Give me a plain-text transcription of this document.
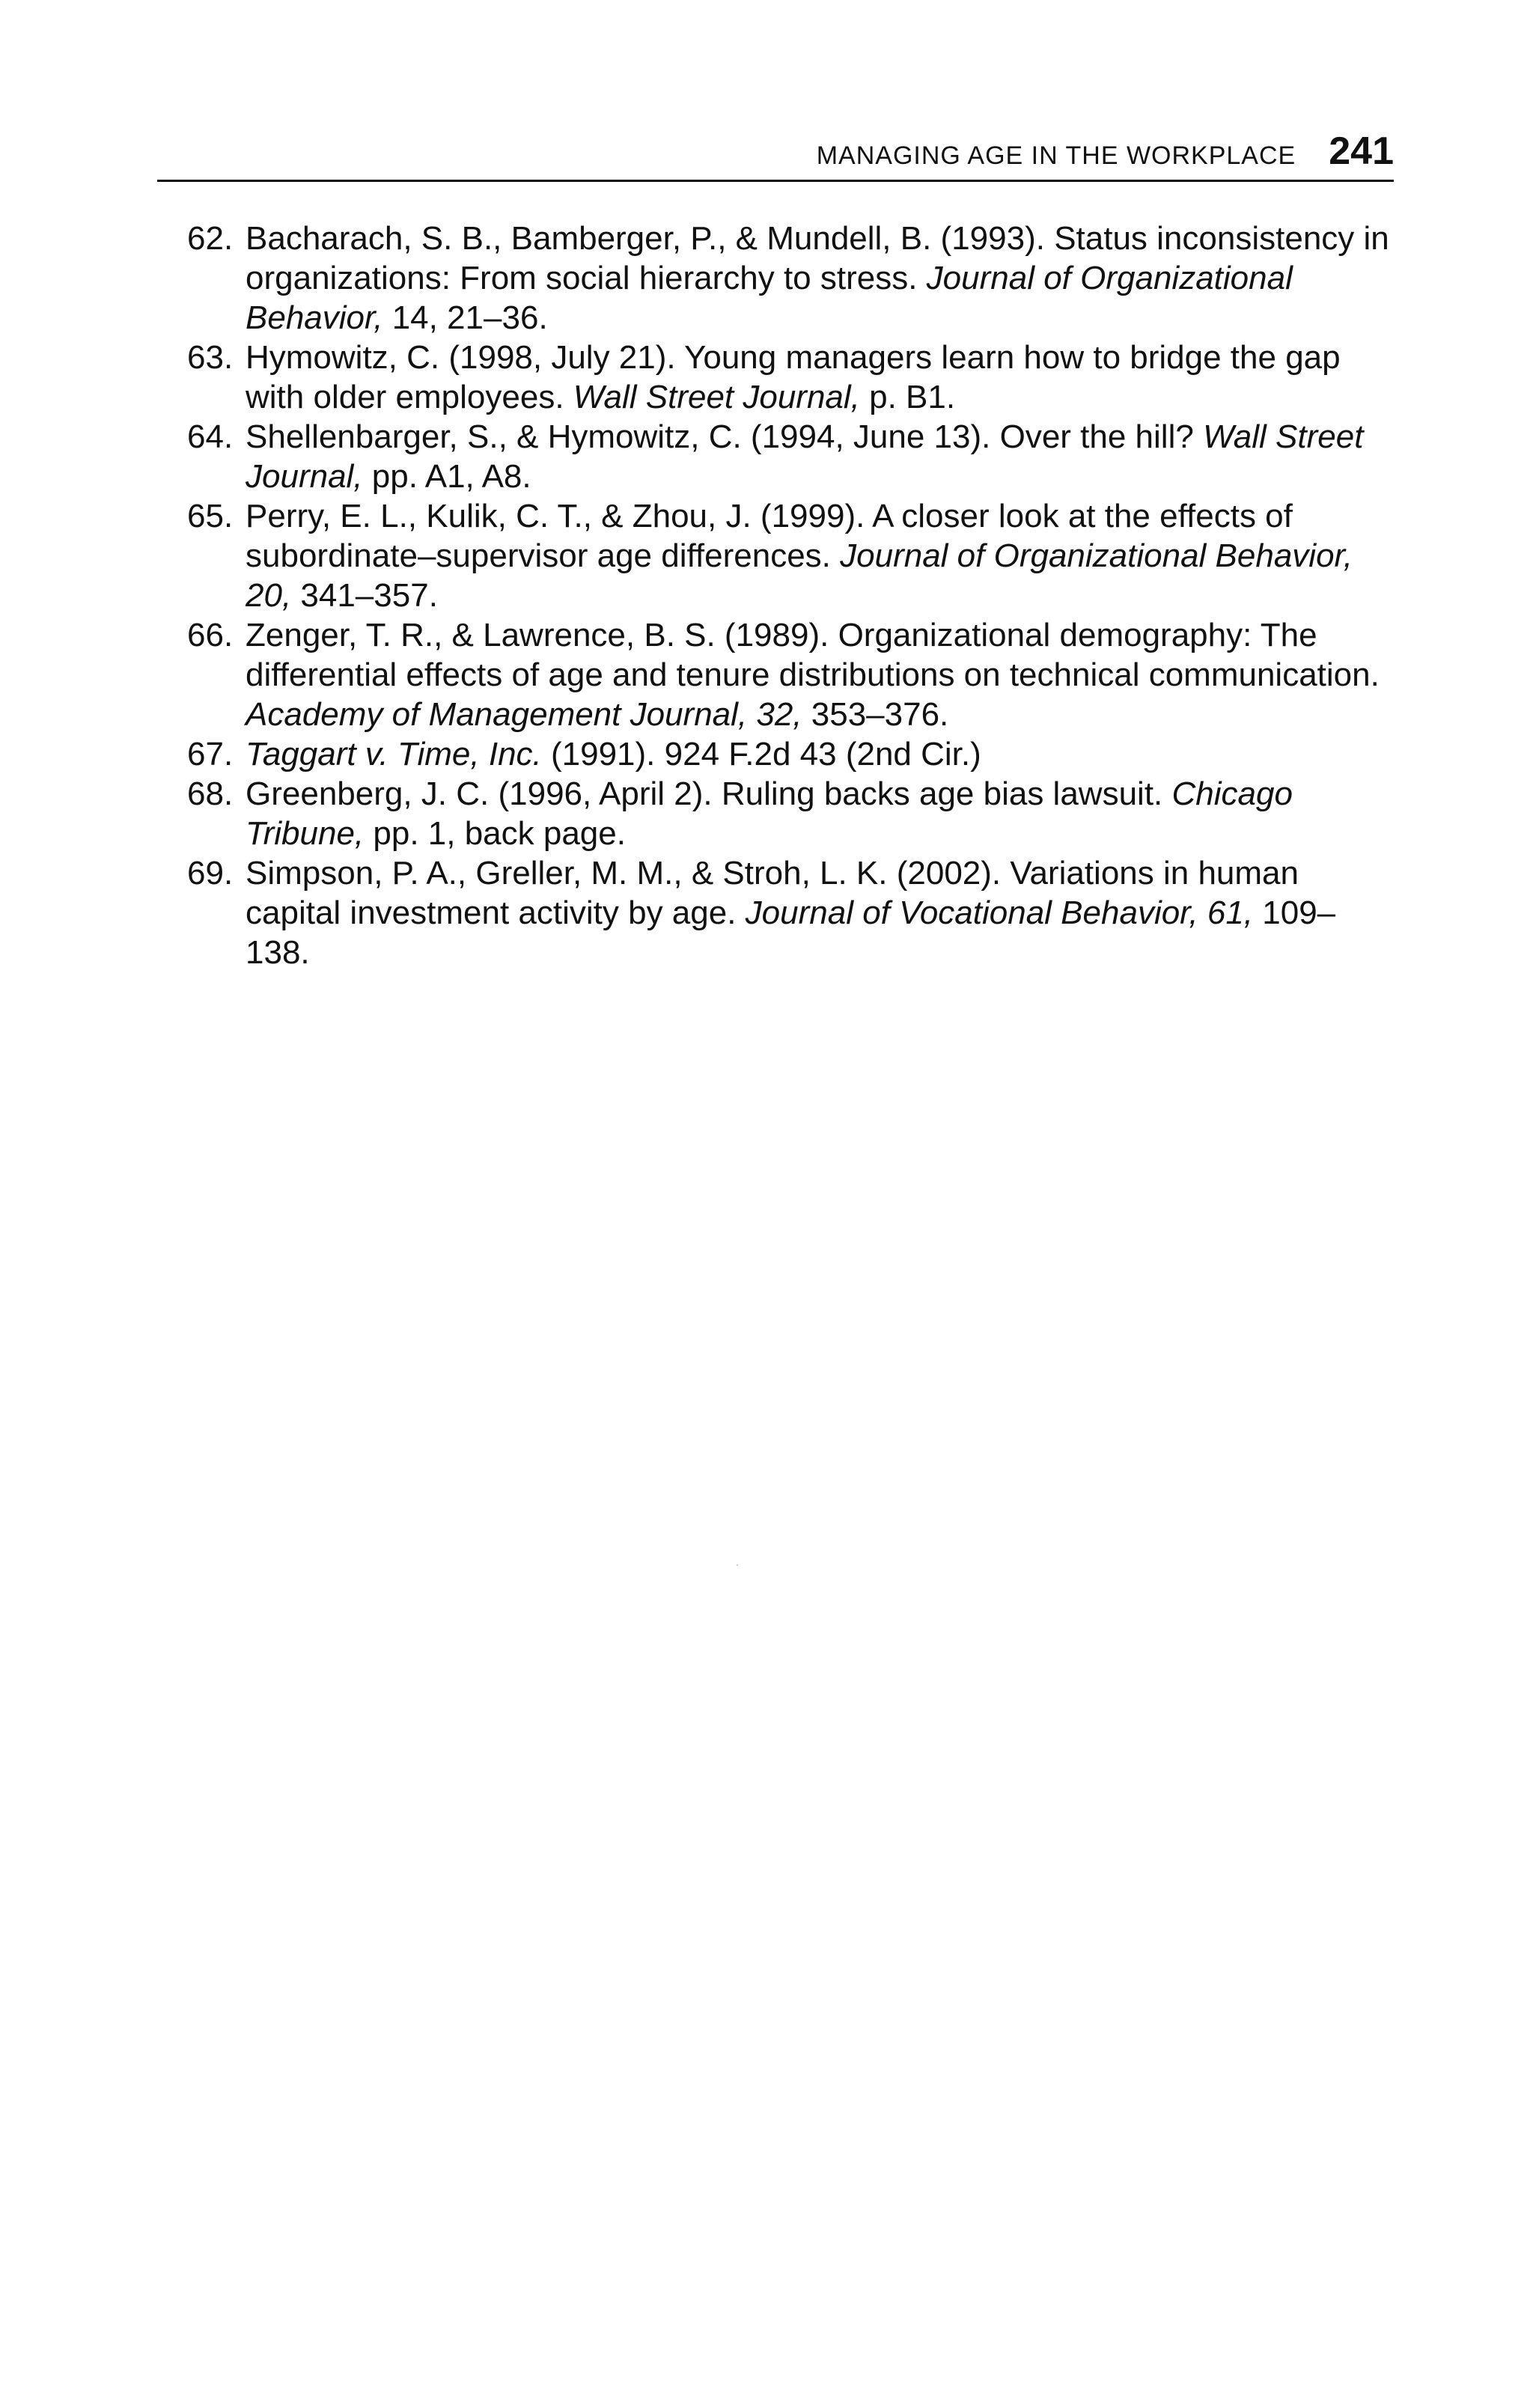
MANAGING AGE IN THE WORKPLACE 241
62. Bacharach, S. B., Bamberger, P., & Mundell, B. (1993). Status inconsistency in organizations: From social hierarchy to stress. Journal of Organizational Behavior, 14, 21–36.
63. Hymowitz, C. (1998, July 21). Young managers learn how to bridge the gap with older employees. Wall Street Journal, p. B1.
64. Shellenbarger, S., & Hymowitz, C. (1994, June 13). Over the hill? Wall Street Journal, pp. A1, A8.
65. Perry, E. L., Kulik, C. T., & Zhou, J. (1999). A closer look at the effects of subordinate–supervisor age differences. Journal of Organizational Behavior, 20, 341–357.
66. Zenger, T. R., & Lawrence, B. S. (1989). Organizational demography: The differential effects of age and tenure distributions on technical communication. Academy of Management Journal, 32, 353–376.
67. Taggart v. Time, Inc. (1991). 924 F.2d 43 (2nd Cir.)
68. Greenberg, J. C. (1996, April 2). Ruling backs age bias lawsuit. Chicago Tribune, pp. 1, back page.
69. Simpson, P. A., Greller, M. M., & Stroh, L. K. (2002). Variations in human capital investment activity by age. Journal of Vocational Behavior, 61, 109–138.
